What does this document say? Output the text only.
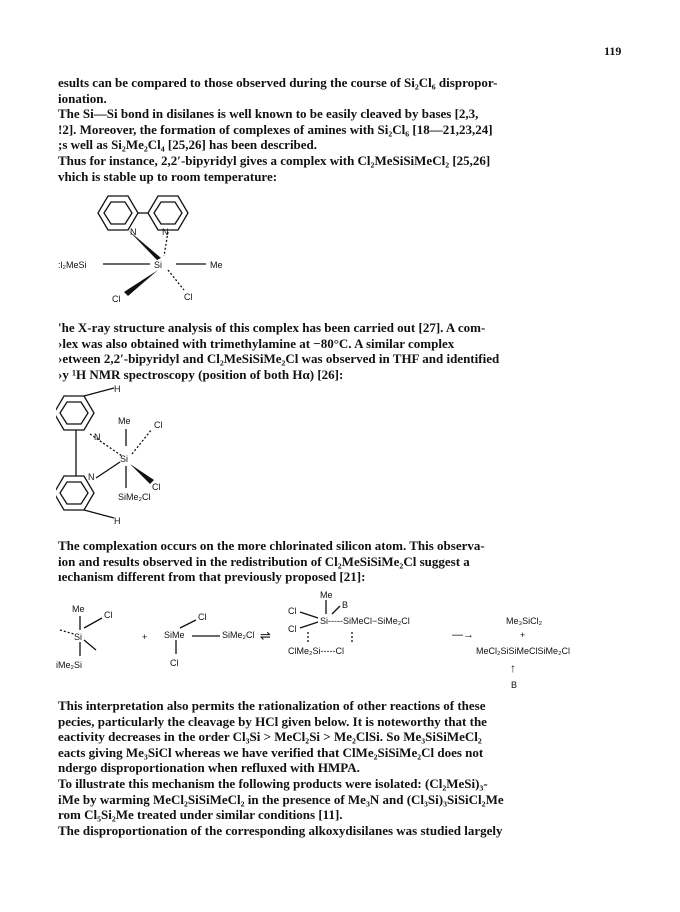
119
esults can be compared to those observed during the course of Si₂Cl₆ dispropor-
ionation.
The Si—Si bond in disilanes is well known to be easily cleaved by bases [2,3,
!2]. Moreover, the formation of complexes of amines with Si₂Cl₆ [18—21,23,24]
;s well as Si₂Me₂Cl₄ [25,26] has been described.
Thus for instance, 2,2′-bipyridyl gives a complex with Cl₂MeSiSiMeCl₂ [25,26]
vhich is stable up to room temperature:
N	N
:l₂MeSi	Si	Me
Cl	Cl
'he X-ray structure analysis of this complex has been carried out [27]. A com-
›lex was also obtained with trimethylamine at −80°C. A similar complex
›etween 2,2′-bipyridyl and Cl₂MeSiSiMe₂Cl was observed in THF and identified
›y ¹H NMR spectroscopy (position of both Hα) [26]:
H
Me	Cl
N
Si
N
Cl
SiMe₂Cl
H
The complexation occurs on the more chlorinated silicon atom. This observa-
ion and results observed in the redistribution of Cl₂MeSiSiMe₂Cl suggest a
ıechanism different from that previously proposed [21]:
Me
Cl
Si
iMe₂Si
+
Cl
SiMe	SiMe₂Cl
Cl
⇌
Me
Cl
B
Si-----SiMeCl−SiMe₂Cl
Cl
ClMe₂Si-----Cl
—→
Me₃SiCl₂
+
MeCl₂SiSiMeClSiMe₂Cl
↑
B
This interpretation also permits the rationalization of other reactions of these
pecies, particularly the cleavage by HCl given below. It is noteworthy that the
eactivity decreases in the order Cl₃Si > MeCl₂Si > Me₂ClSi. So Me₃SiSiMeCl₂
eacts giving Me₃SiCl whereas we have verified that ClMe₂SiSiMe₂Cl does not
ndergo disproportionation when refluxed with HMPA.
To illustrate this mechanism the following products were isolated: (Cl₂MeSi)₃-
iMe by warming MeCl₂SiSiMeCl₂ in the presence of Me₃N and (Cl₃Si)₃SiSiCl₂Me
rom Cl₅Si₂Me treated under similar conditions [11].
The disproportionation of the corresponding alkoxydisilanes was studied largely
